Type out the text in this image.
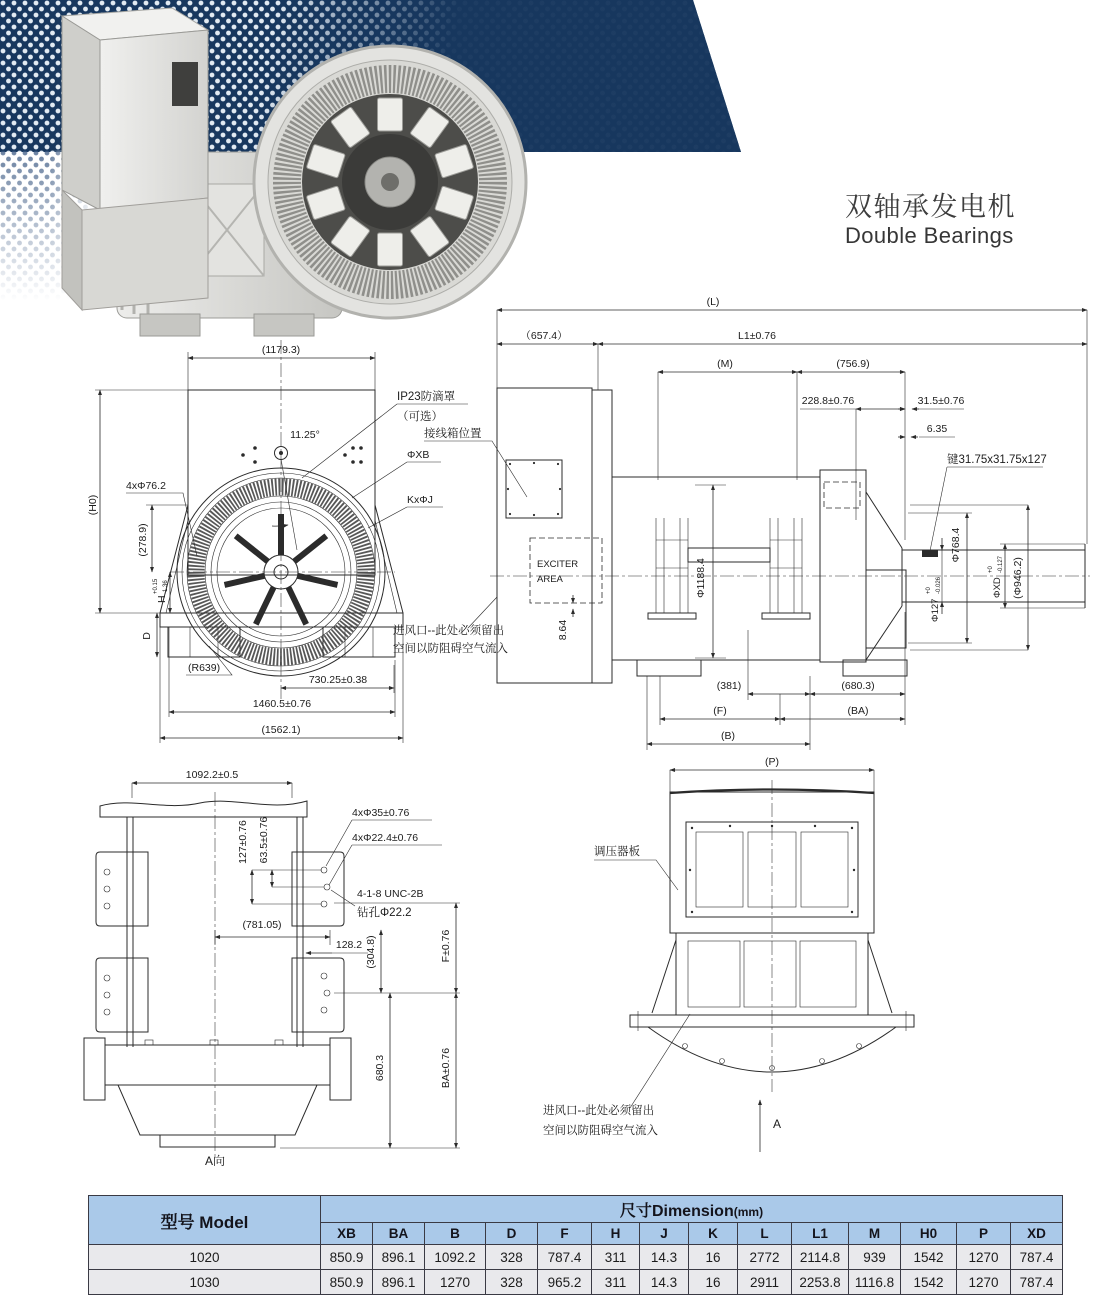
双轴承发电机
Double Bearings
(1179.3)
11.25°
(H0)
(278.9)
H
+0.15 -1.36
D
4xΦ76.2
(R639)
730.25±0.38
1460.5±0.76
(1562.1)
ΦXB
KxΦJ
IP23防滴罩
（可选）
接线箱位置
(L)
（657.4）	L1±0.76
(M)	(756.9)
228.8±0.76	31.5±0.76
6.35
键31.75x31.75x127
EXCITER
AREA
8.64
Φ1188.4
Φ768.4
ΦXD
+0 -0.127 (Φ946.2)
Φ127
+0 -0.026
(381)	(680.3)
(F)	(BA)
(B)
进风口--此处必须留出
空间以防阻碍空气流入
1092.2±0.5
127±0.76 63.5±0.76
4xΦ35±0.76
4xΦ22.4±0.76
4-1-8 UNC-2B
钻孔Φ22.2
(781.05)
128.2 (304.8)	F±0.76
680.3	BA±0.76
A向
(P)
A
调压器板
进风口--此处必须留出
空间以防阻碍空气流入
型号 Model	尺寸Dimension(mm)													
	XB	BA	B	D	F	H	J	K	L	L1	M	H0	P	XD
1020	850.9	896.1	1092.2	328	787.4	311	14.3	16	2772	2114.8	939	1542	1270	787.4
1030	850.9	896.1	1270	328	965.2	311	14.3	16	2911	2253.8	1116.8	1542	1270	787.4
